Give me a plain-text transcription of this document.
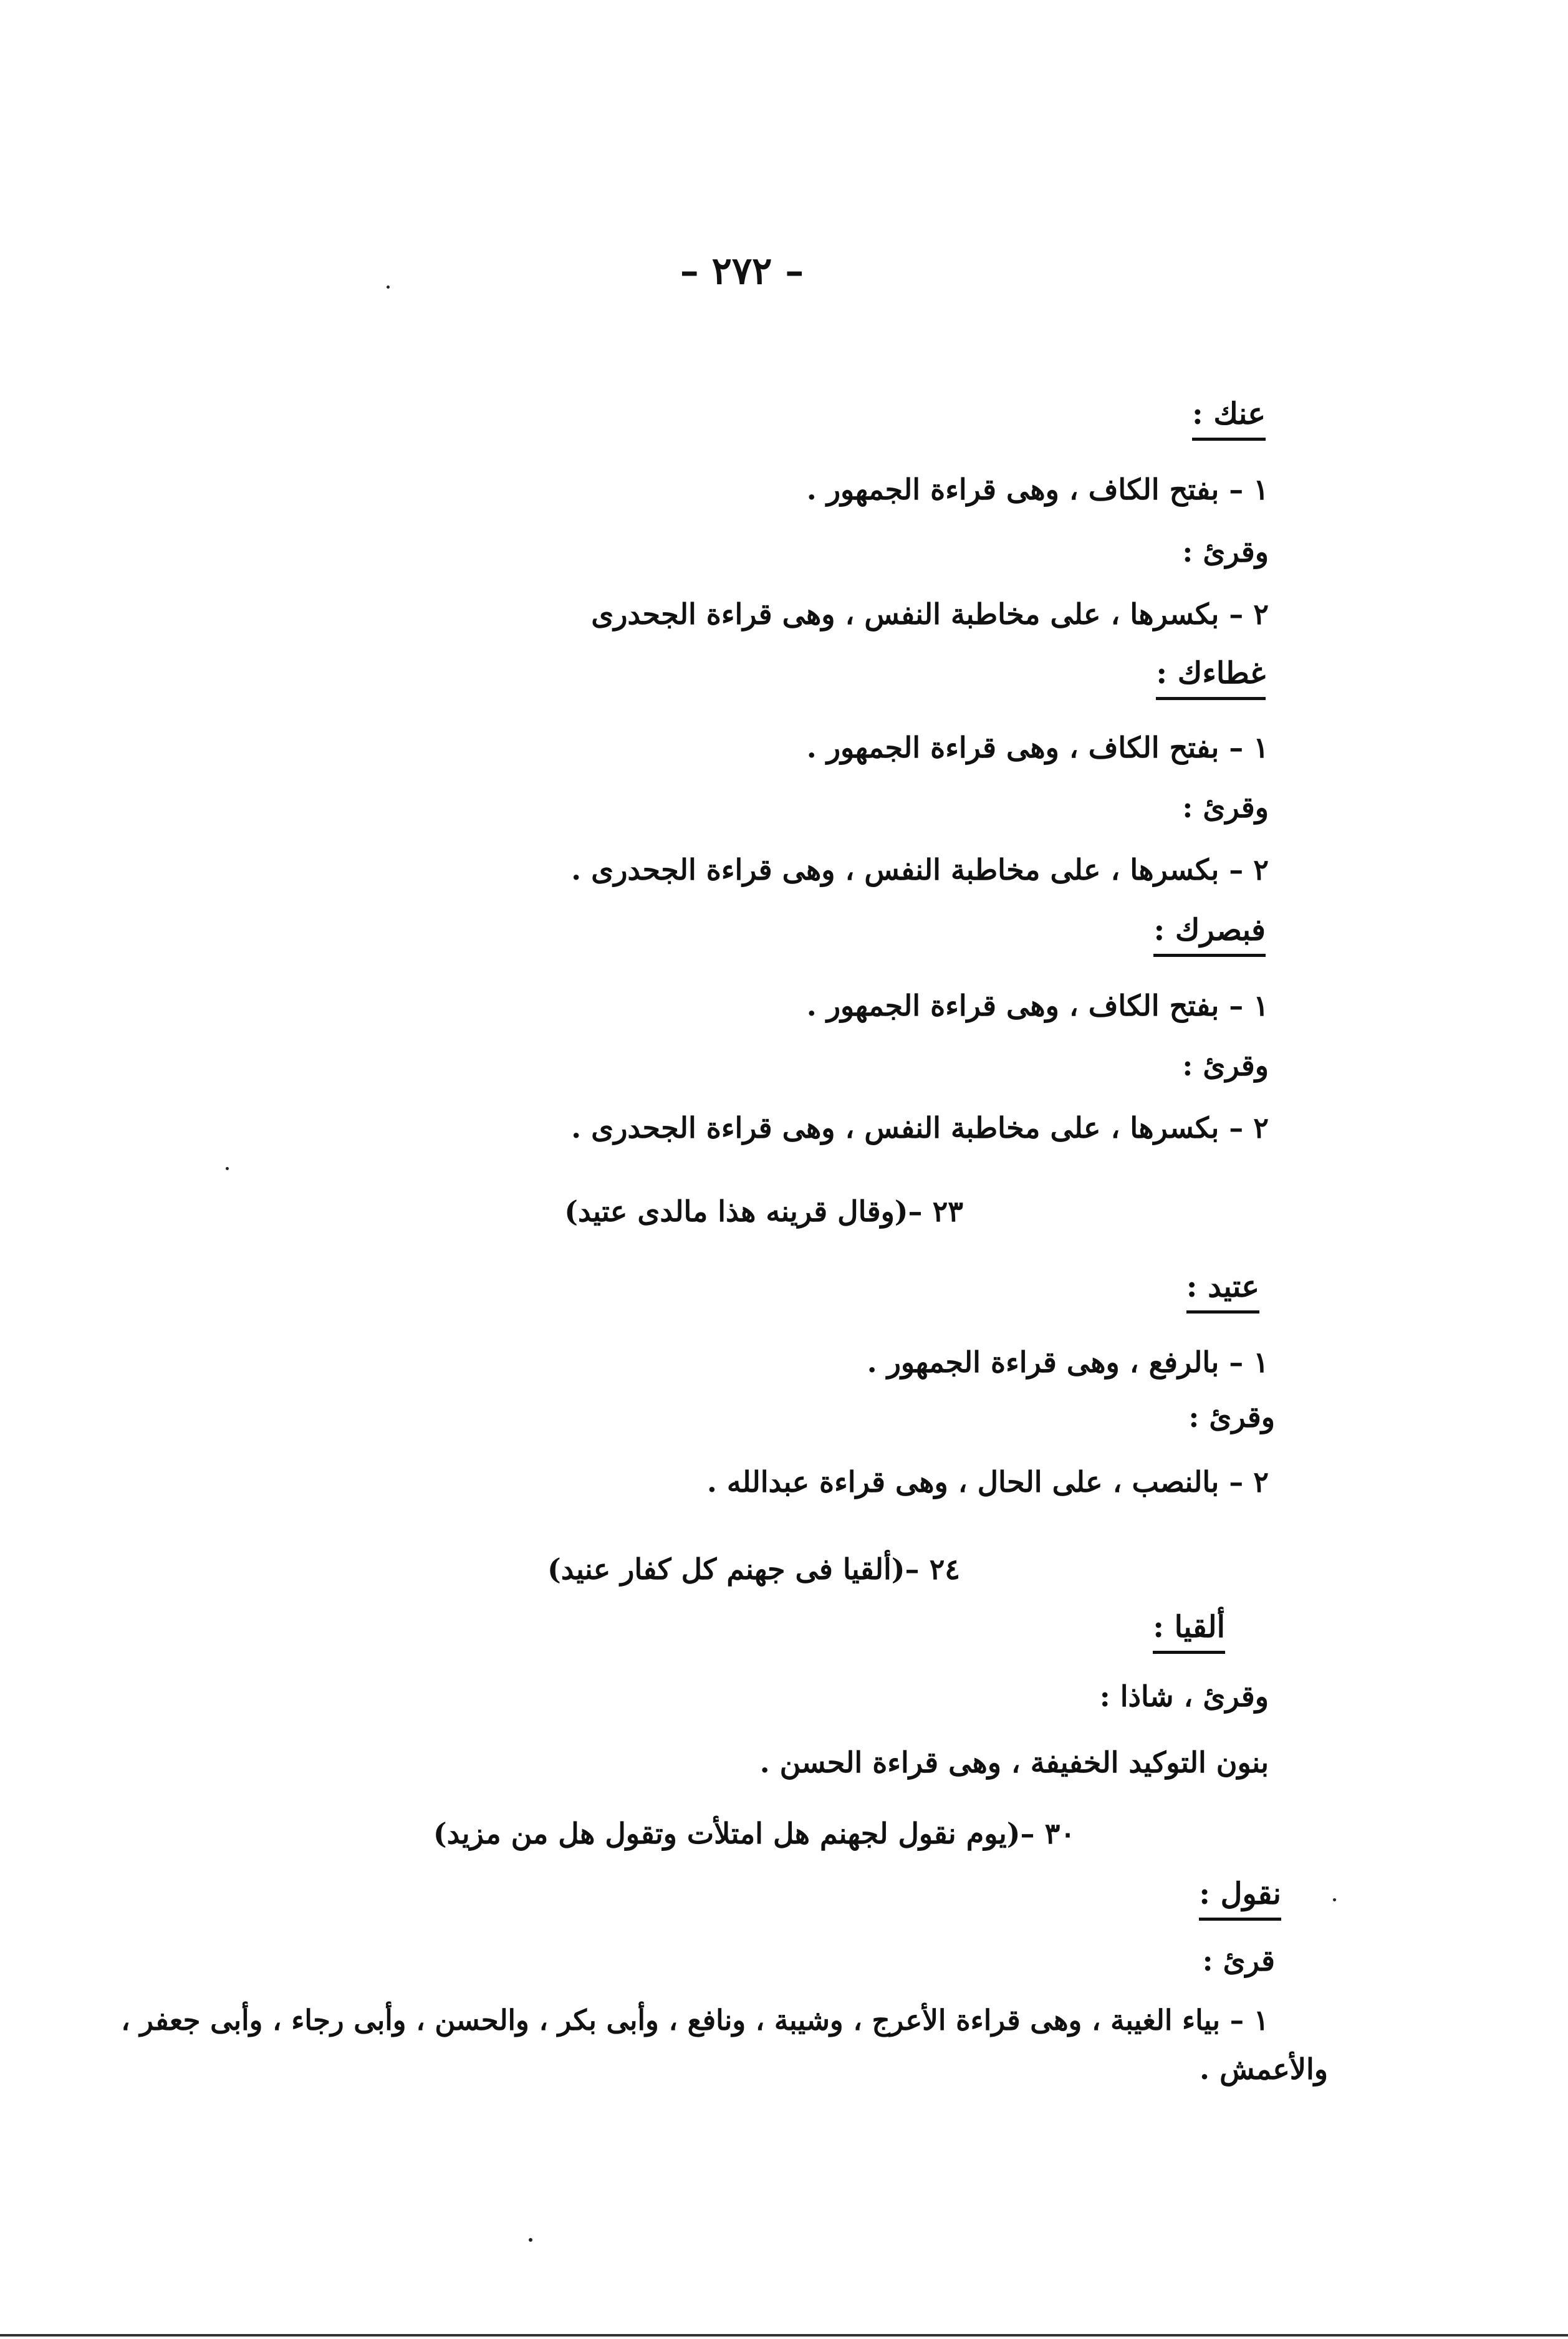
– ٢٧٢ –
عنك :
١ – بفتح الكاف ، وهى قراءة الجمهور .
وقرئ :
٢ – بكسرها ، على مخاطبة النفس ، وهى قراءة الجحدرى
غطاءك :
١ – بفتح الكاف ، وهى قراءة الجمهور .
وقرئ :
٢ – بكسرها ، على مخاطبة النفس ، وهى قراءة الجحدرى .
فبصرك :
١ – بفتح الكاف ، وهى قراءة الجمهور .
وقرئ :
٢ – بكسرها ، على مخاطبة النفس ، وهى قراءة الجحدرى .
٢٣ –(وقال قرينه هذا مالدى عتيد)
عتيد :
١ – بالرفع ، وهى قراءة الجمهور .
وقرئ :
٢ – بالنصب ، على الحال ، وهى قراءة عبدالله .
٢٤ –(ألقيا فى جهنم كل كفار عنيد)
ألقيا :
وقرئ ، شاذا :
بنون التوكيد الخفيفة ، وهى قراءة الحسن .
٣٠ –(يوم نقول لجهنم هل امتلأت وتقول هل من مزيد)
نقول :
قرئ :
١ – بياء الغيبة ، وهى قراءة الأعرج ، وشيبة ، ونافع ، وأبى بكر ، والحسن ، وأبى رجاء ، وأبى جعفر ،
والأعمش .
